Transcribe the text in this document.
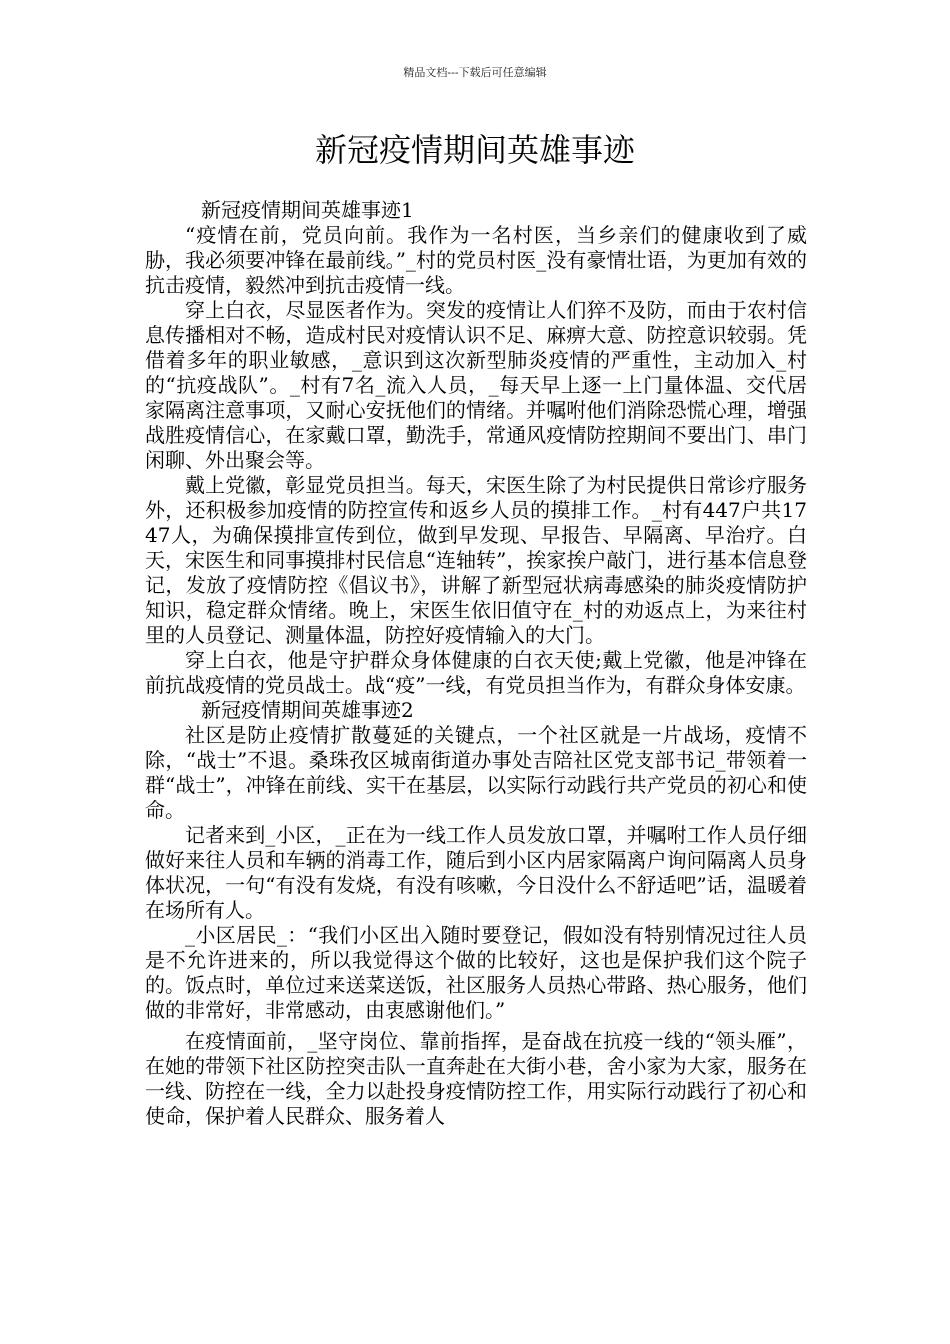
精品文档---下载后可任意编辑
新冠疫情期间英雄事迹

新冠疫情期间英雄事迹1

“疫情在前，党员向前。我作为一名村医，当乡亲们的健康收到了威胁，我必须要冲锋在最前线。”_村的党员村医_没有豪情壮语，为更加有效的抗击疫情，毅然冲到抗击疫情一线。

穿上白衣，尽显医者作为。突发的疫情让人们猝不及防，而由于农村信息传播相对不畅，造成村民对疫情认识不足、麻痹大意、防控意识较弱。凭借着多年的职业敏感，_意识到这次新型肺炎疫情的严重性，主动加入_村的“抗疫战队”。_村有7名_流入人员，_每天早上逐一上门量体温、交代居家隔离注意事项，又耐心安抚他们的情绪。并嘱咐他们消除恐慌心理，增强战胜疫情信心，在家戴口罩，勤洗手，常通风疫情防控期间不要出门、串门闲聊、外出聚会等。

戴上党徽，彰显党员担当。每天，宋医生除了为村民提供日常诊疗服务外，还积极参加疫情的防控宣传和返乡人员的摸排工作。_村有447户共1747人，为确保摸排宣传到位，做到早发现、早报告、早隔离、早治疗。白天，宋医生和同事摸排村民信息“连轴转”，挨家挨户敲门，进行基本信息登记，发放了疫情防控《倡议书》，讲解了新型冠状病毒感染的肺炎疫情防护知识，稳定群众情绪。晚上，宋医生依旧值守在_村的劝返点上，为来往村里的人员登记、测量体温，防控好疫情输入的大门。

穿上白衣，他是守护群众身体健康的白衣天使;戴上党徽，他是冲锋在前抗战疫情的党员战士。战“疫”一线，有党员担当作为，有群众身体安康。

新冠疫情期间英雄事迹2

社区是防止疫情扩散蔓延的关键点，一个社区就是一片战场，疫情不除，“战士”不退。桑珠孜区城南街道办事处吉陪社区党支部书记_带领着一群“战士”，冲锋在前线、实干在基层，以实际行动践行共产党员的初心和使命。

记者来到_小区，_正在为一线工作人员发放口罩，并嘱咐工作人员仔细做好来往人员和车辆的消毒工作，随后到小区内居家隔离户询问隔离人员身体状况，一句“有没有发烧，有没有咳嗽，今日没什么不舒适吧”话，温暖着在场所有人。

_小区居民_：“我们小区出入随时要登记，假如没有特别情况过往人员是不允许进来的，所以我觉得这个做的比较好，这也是保护我们这个院子的。饭点时，单位过来送菜送饭，社区服务人员热心带路、热心服务，他们做的非常好，非常感动，由衷感谢他们。”

在疫情面前，_坚守岗位、靠前指挥，是奋战在抗疫一线的“领头雁”，在她的带领下社区防控突击队一直奔赴在大街小巷，舍小家为大家，服务在一线、防控在一线，全力以赴投身疫情防控工作，用实际行动践行了初心和使命，保护着人民群众、服务着人
